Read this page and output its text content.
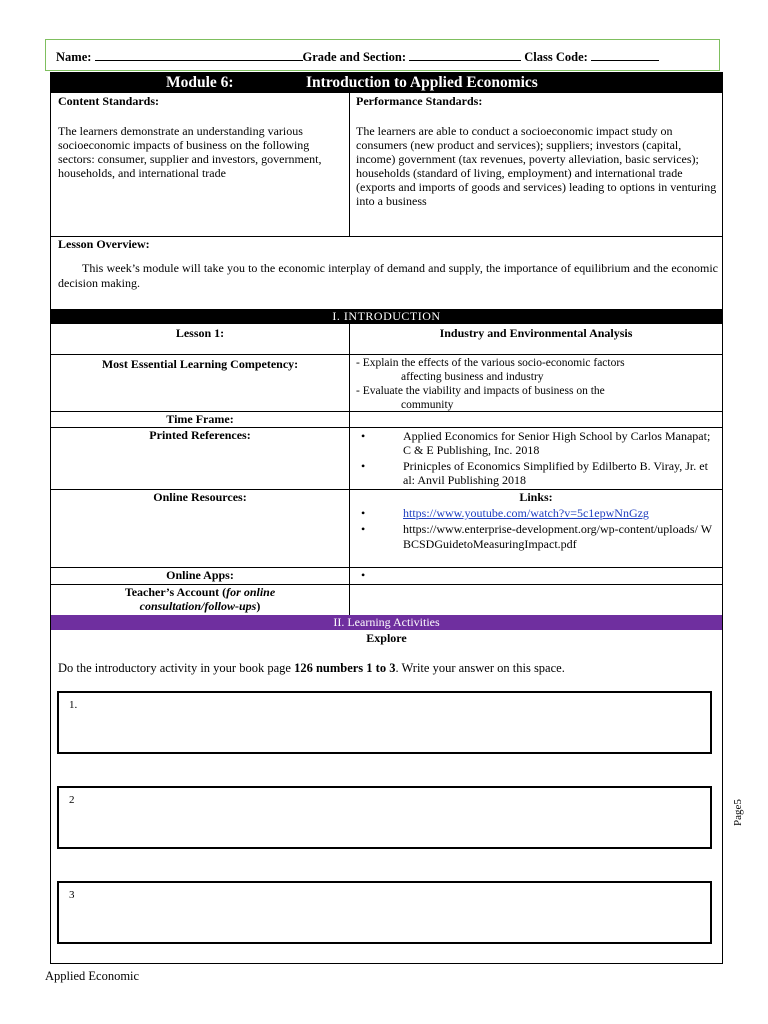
Name:	Grade and Section:	Class Code:
Module 6:	Introduction to Applied Economics
Content Standards:
The learners demonstrate an understanding various socioeconomic impacts of business on the following sectors: consumer, supplier and investors, government, households, and international trade
Performance Standards:
The learners are able to conduct a socioeconomic impact study on consumers (new product and services); suppliers; investors (capital, income) government (tax revenues, poverty alleviation, basic services); households (standard of living, employment) and international trade (exports and imports of goods and services) leading to options in venturing into a business
Lesson Overview:
This week’s module will take you to the economic interplay of demand and supply, the importance of equilibrium and the economic decision making.
I. INTRODUCTION
Lesson 1:	Industry and Environmental Analysis
Most Essential Learning Competency:	- Explain the effects of the various socio-economic factors
affecting business and industry
- Evaluate the viability and impacts of business on the
community
Time Frame:
Printed References:	•	Applied Economics for Senior High School by Carlos Manapat; C & E Publishing, Inc. 2018
•	Prinicples of Economics Simplified by Edilberto B. Viray, Jr. et al: Anvil Publishing 2018
Online Resources:	Links:
•	https://www.youtube.com/watch?v=5c1epwNnGzg
•	https://www.enterprise-development.org/wp-content/uploads/ WBCSDGuidetoMeasuringImpact.pdf
Online Apps:	•
Teacher’s Account (for online consultation/follow-ups)
II. Learning Activities
Explore
Do the introductory activity in your book page 126 numbers 1 to 3. Write your answer on this space.
1.
2
3
Page5
Applied Economic
